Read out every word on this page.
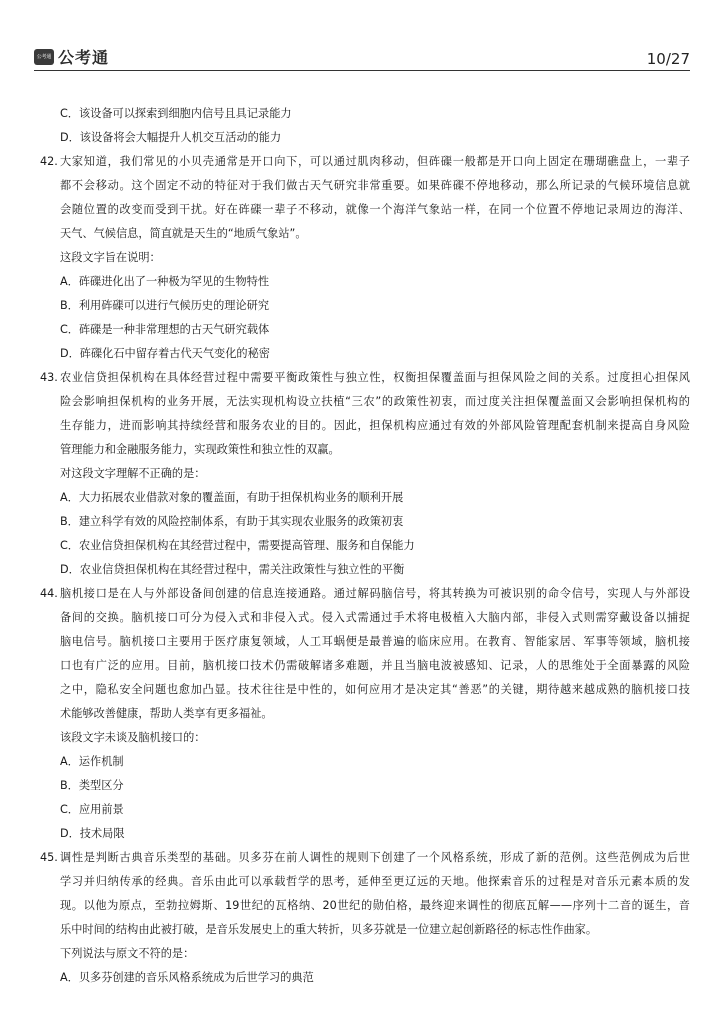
公考通 公考通	10/27
C．该设备可以探索到细胞内信号且具记录能力
D．该设备将会大幅提升人机交互活动的能力
42. 大家知道，我们常见的小贝壳通常是开口向下，可以通过肌肉移动，但砗磲一般都是开口向上固定在珊瑚礁盘上，一辈子
都不会移动。这个固定不动的特征对于我们做古天气研究非常重要。如果砗磲不停地移动，那么所记录的气候环境信息就
会随位置的改变而受到干扰。好在砗磲一辈子不移动，就像一个海洋气象站一样，在同一个位置不停地记录周边的海洋、
天气、气候信息，简直就是天生的“地质气象站”。
这段文字旨在说明：
A．砗磲进化出了一种极为罕见的生物特性
B．利用砗磲可以进行气候历史的理论研究
C．砗磲是一种非常理想的古天气研究载体
D．砗磲化石中留存着古代天气变化的秘密
43. 农业信贷担保机构在具体经营过程中需要平衡政策性与独立性，权衡担保覆盖面与担保风险之间的关系。过度担心担保风
险会影响担保机构的业务开展，无法实现机构设立扶植“三农”的政策性初衷，而过度关注担保覆盖面又会影响担保机构的
生存能力，进而影响其持续经营和服务农业的目的。因此，担保机构应通过有效的外部风险管理配套机制来提高自身风险
管理能力和金融服务能力，实现政策性和独立性的双赢。
对这段文字理解不正确的是：
A．大力拓展农业借款对象的覆盖面，有助于担保机构业务的顺利开展
B．建立科学有效的风险控制体系，有助于其实现农业服务的政策初衷
C．农业信贷担保机构在其经营过程中，需要提高管理、服务和自保能力
D．农业信贷担保机构在其经营过程中，需关注政策性与独立性的平衡
44. 脑机接口是在人与外部设备间创建的信息连接通路。通过解码脑信号，将其转换为可被识别的命令信号，实现人与外部设
备间的交换。脑机接口可分为侵入式和非侵入式。侵入式需通过手术将电极植入大脑内部，非侵入式则需穿戴设备以捕捉
脑电信号。脑机接口主要用于医疗康复领域，人工耳蜗便是最普遍的临床应用。在教育、智能家居、军事等领域，脑机接
口也有广泛的应用。目前，脑机接口技术仍需破解诸多难题，并且当脑电波被感知、记录，人的思维处于全面暴露的风险
之中，隐私安全问题也愈加凸显。技术往往是中性的，如何应用才是决定其“善恶”的关键，期待越来越成熟的脑机接口技
术能够改善健康，帮助人类享有更多福祉。
该段文字未谈及脑机接口的：
A．运作机制
B．类型区分
C．应用前景
D．技术局限
45. 调性是判断古典音乐类型的基础。贝多芬在前人调性的规则下创建了一个风格系统，形成了新的范例。这些范例成为后世
学习并归纳传承的经典。音乐由此可以承载哲学的思考，延伸至更辽远的天地。他探索音乐的过程是对音乐元素本质的发
现。以他为原点，至勃拉姆斯、19世纪的瓦格纳、20世纪的勋伯格，最终迎来调性的彻底瓦解——序列十二音的诞生，音
乐中时间的结构由此被打破，是音乐发展史上的重大转折，贝多芬就是一位建立起创新路径的标志性作曲家。
下列说法与原文不符的是：
A．贝多芬创建的音乐风格系统成为后世学习的典范
